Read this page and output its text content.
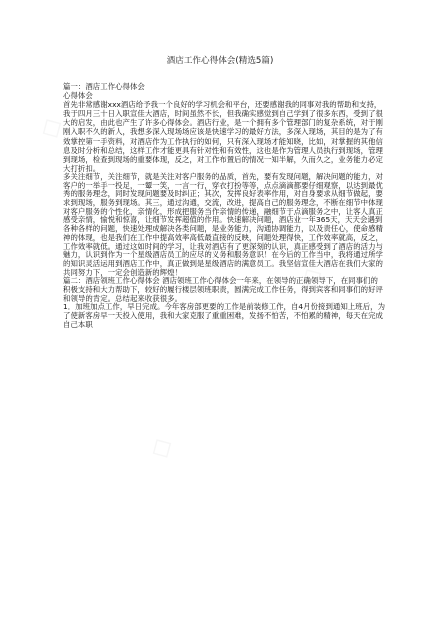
酒店工作心得体会(精选5篇)

篇一：酒店工作心得体会

心得体会

首先非常感谢xxx酒店给予我一个良好的学习机会和平台，还要感谢我的同事对我的帮助和支持，我于四月三十日入职宣佳大酒店，时间虽然不长，但我确实感觉到自己学到了很多东西，受到了很大的启发，由此也产生了许多心得体会。酒店行业，是一个拥有多个管理部门的复杂系统，对于刚刚入职不久的新人，我想多深入现场场应该是快速学习的最好方法，多深入现场，其目的是为了有效掌控第一手资料，对酒店作为工作执行的如何，只有深入现场才能知晓，比如，对掌握的其他信息及时分析和总结，这样工作才能更具有针对性和有效性，这也是作为管理人员执行到现场，管理到现场，检查到现场的重要体现，反之，对工作布置后的情况一知半解，久而久之，业务能力必定大打折扣。

多关注细节，关注细节，就是关注对客户服务的品质，首先，要有发现问题，解决问题的能力，对客户的一举手一投足，一颦一笑，一言一行，穿衣打扮等等，点点滴滴都要仔细观察，以达到最优秀的服务理念，同时发现问题要及时纠正；其次，发挥良好表率作用，对自身要求从细节做起，要求到现场，服务到现场。其三，通过沟通，交流，改进，提高自己的服务理念，不断在细节中体现对客户服务的个性化，亲情化，形成把服务当作亲情的传递，融细节于点滴服务之中，让客人真正感受亲情，愉悦和惊喜，让细节发挥超值的作用。快速解决问题，酒店业一年365天，天天会遇到各种各样的问题，快速处理成解决各类问题，是业务能力，沟通协调能力，以及责任心，使命感精神的体现，也是我们在工作中提高效率高低最直接的反映，问题处理得快，工作效率就高，反之，工作效率就低。通过这如时间的学习，让我对酒店有了更深刻的认识，真正感受到了酒店的活力与魅力，认识到作为一个星级酒店员工的应尽的义务和服务意识！在今后的工作当中，我将通过所学的知识灵活运用到酒店工作中，真正做到是星级酒店的满意员工。我坚信宣佳大酒店在我们大家的共同努力下，一定会创造新的辉煌！

篇二：酒店领班工作心得体会 酒店领班工作心得体会一年来，在领导的正确领导下，在同事们的积极支持和大力帮助下，较好的履行楼层领班职责，圆满完成工作任务，得到宾客和同事们的好评和领导的肯定。总结起来收获很多。

1．加班加点工作，早日完成。今年客房部更要的工作是前装修工作，自4月份接到通知上班后，为了使新客房早一天投入使用，我和大家克服了重重困难，发扬不怕苦，不怕累的精神，每天在完成自己本职
